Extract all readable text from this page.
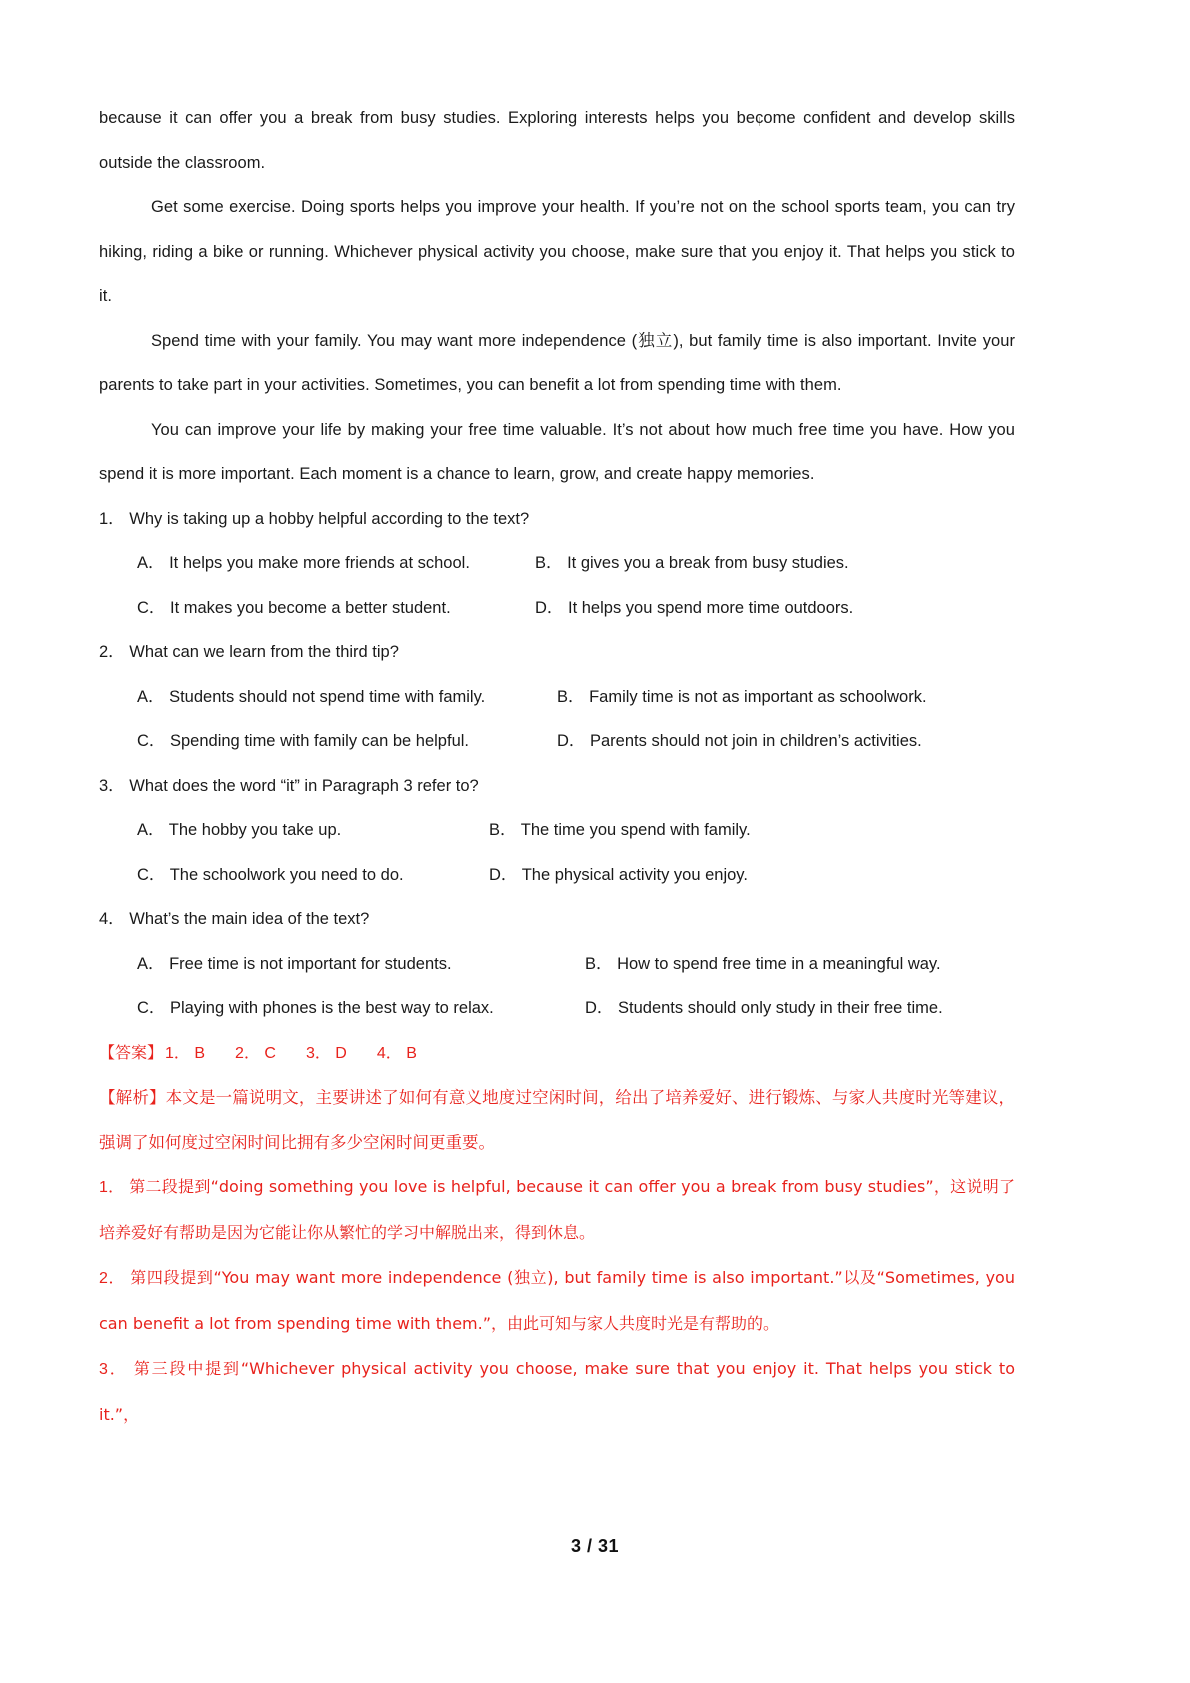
because it can offer you a break from busy studies. Exploring interests helps you become confident and develop skills outside the classroom.

Get some exercise. Doing sports helps you improve your health. If you’re not on the school sports team, you can try hiking, riding a bike or running. Whichever physical activity you choose, make sure that you enjoy it. That helps you stick to it.

Spend time with your family. You may want more independence (独立), but family time is also important. Invite your parents to take part in your activities. Sometimes, you can benefit a lot from spending time with them.

You can improve your life by making your free time valuable. It’s not about how much free time you have. How you spend it is more important. Each moment is a chance to learn, grow, and create happy memories.

1． Why is taking up a hobby helpful according to the text?

A． It helps you make more friends at school.	B． It gives you a break from busy studies.
C． It makes you become a better student.	D． It helps you spend more time outdoors.

2． What can we learn from the third tip?

A． Students should not spend time with family.	B． Family time is not as important as schoolwork.
C． Spending time with family can be helpful.	D． Parents should not join in children’s activities.

3． What does the word “it” in Paragraph 3 refer to?

A． The hobby you take up.	B． The time you spend with family.
C． The schoolwork you need to do.	D． The physical activity you enjoy.

4． What’s the main idea of the text?

A． Free time is not important for students.	B． How to spend free time in a meaningful way.
C． Playing with phones is the best way to relax.	D． Students should only study in their free time.

【答案】 1． B 2． C 3． D 4． B

【解析】本文是一篇说明文，主要讲述了如何有意义地度过空闲时间，给出了培养爱好、进行锻炼、与家人共度时光等建议，强调了如何度过空闲时间比拥有多少空闲时间更重要。

1． 第二段提到“doing something you love is helpful, because it can offer you a break from busy studies”，这说明了培养爱好有帮助是因为它能让你从繁忙的学习中解脱出来，得到休息。

2． 第四段提到“You may want more independence (独立), but family time is also important.”以及“Sometimes, you can benefit a lot from spending time with them.”，由此可知与家人共度时光是有帮助的。

3． 第三段中提到“Whichever physical activity you choose, make sure that you enjoy it. That helps you stick to it.”，

3 / 31
